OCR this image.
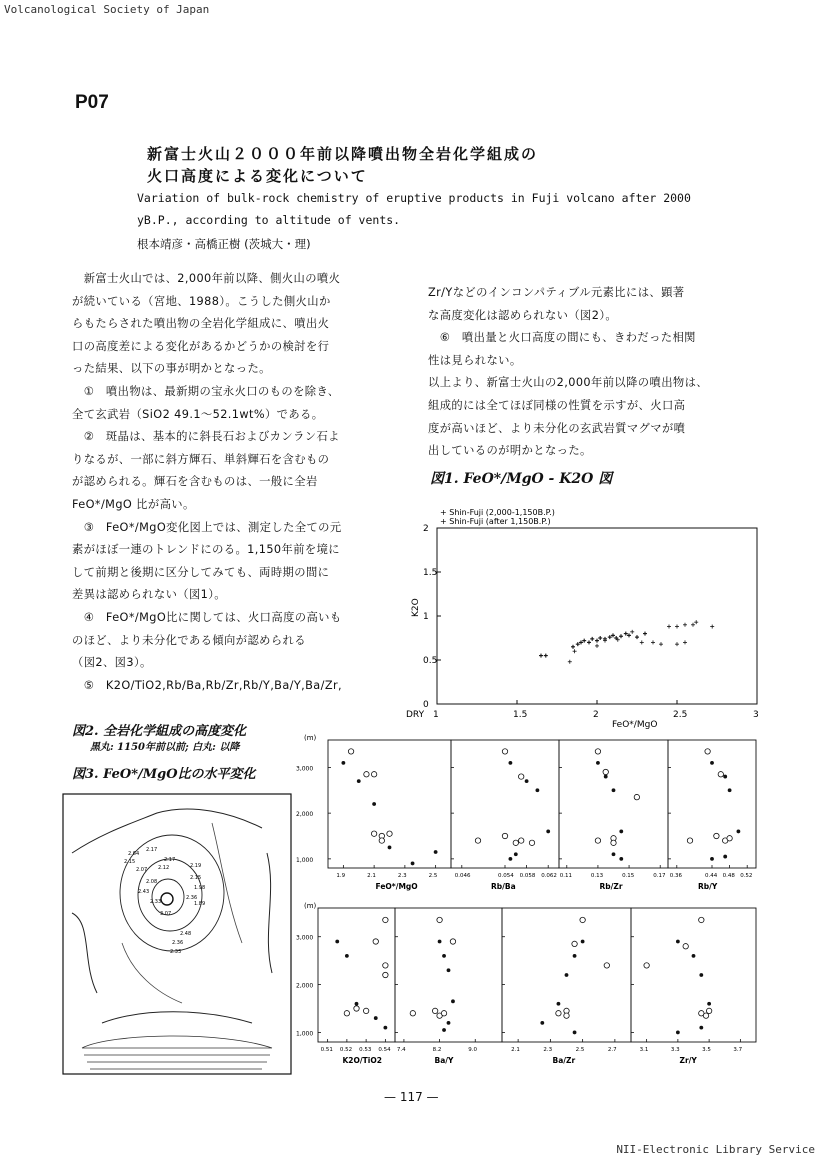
Volcanological Society of Japan
NII-Electronic Library Service
P07
新富士火山２０００年前以降噴出物全岩化学組成の
火口高度による変化について
Variation of bulk-rock chemistry of eruptive products in Fuji volcano after 2000
yB.P., according to altitude of vents.
根本靖彦・高橋正樹 (茨城大・理)
　新富士火山では、2,000年前以降、側火山の噴火
が続いている（宮地、1988）。こうした側火山か
らもたらされた噴出物の全岩化学組成に、噴出火
口の高度差による変化があるかどうかの検討を行
った結果、以下の事が明かとなった。
　①　噴出物は、最新期の宝永火口のものを除き、
全て玄武岩（SiO2 49.1～52.1wt%）である。
　②　斑晶は、基本的に斜長石およびカンラン石よ
りなるが、一部に斜方輝石、単斜輝石を含むもの
が認められる。輝石を含むものは、一般に全岩
FeO*/MgO 比が高い。
　③　FeO*/MgO変化図上では、測定した全ての元
素がほぼ一連のトレンドにのる。1,150年前を境に
して前期と後期に区分してみても、両時期の間に
差異は認められない（図1）。
　④　FeO*/MgO比に関しては、火口高度の高いも
のほど、より未分化である傾向が認められる
（図2、図3）。
　⑤　K2O/TiO2,Rb/Ba,Rb/Zr,Rb/Y,Ba/Y,Ba/Zr,
Zr/Yなどのインコンパティブル元素比には、顕著
な高度変化は認められない（図2）。
　⑥　噴出量と火口高度の間にも、きわだった相関
性は見られない。
以上より、新富士火山の2,000年前以降の噴出物は、
組成的には全てほぼ同様の性質を示すが、火口高
度が高いほど、より未分化の玄武岩質マグマが噴
出しているのが明かとなった。
図1. FeO*/MgO - K2O 図
図2. 全岩化学組成の高度変化
黒丸: 1150年前以前; 白丸: 以降
図3. FeO*/MgO比の水平変化
+ Shin-Fuji (2,000-1,150B.P.)
+ Shin-Fuji (after 1,150B.P.)
K2O
FeO*/MgO
DRY 1	1.5	2	2.5	3
0
0.5
1
1.5
2
(m)
1,000
2,000
3,000
1.9	2.1	2.3	2.5
FeO*/MgO
0.046	0.054 0.058 0.062
Rb/Ba
0.11	0.13	0.15	0.17
Rb/Zr
0.36	0.44 0.48 0.52
Rb/Y
(m)
1,000
2,000
3,000
0.51 0.52 0.53 0.54
K2O/TiO2
7.4	8.2	9.0
Ba/Y
2.1	2.3	2.5	2.7
Ba/Zr
3.1	3.3	3.5	3.7
Zr/Y
2.64
2.15
2.17
2.07 2.12	2.19
2.08
2.15
2.17
1.98
2.43
2.36
2.33
3.07
1.89
2.48
2.36
2.33
— 117 —
